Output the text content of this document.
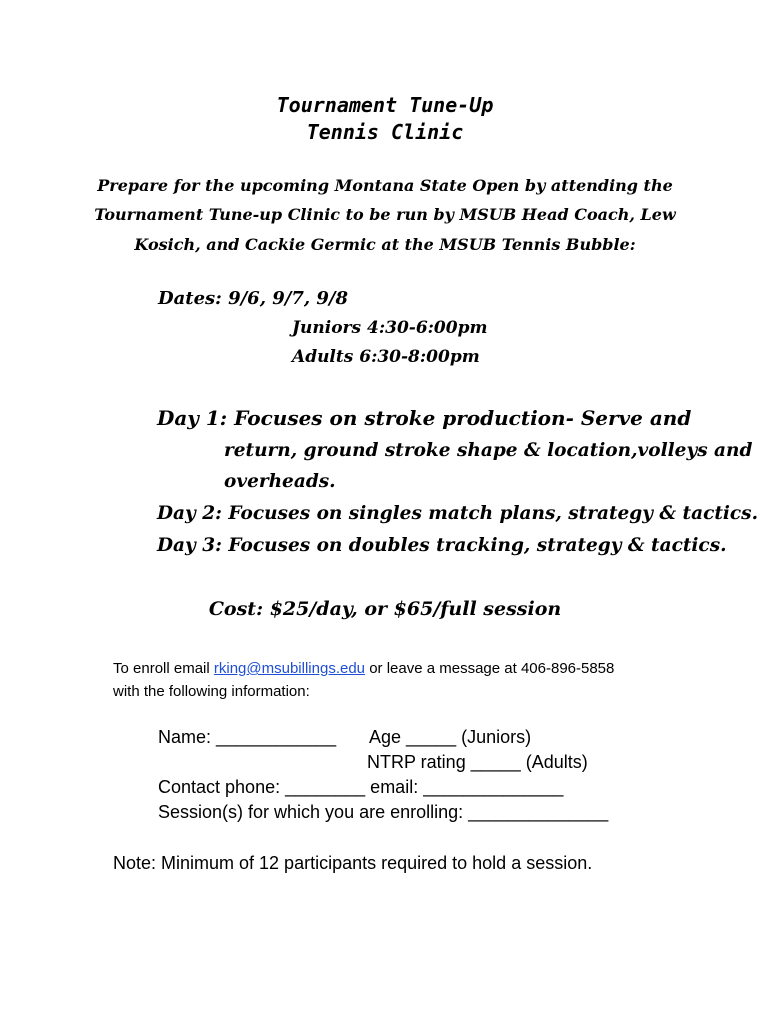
Tournament Tune-Up
Tennis Clinic
Prepare for the upcoming Montana State Open by attending the
Tournament Tune-up Clinic to be run by MSUB Head Coach, Lew
Kosich, and Cackie Germic at the MSUB Tennis Bubble:
Dates: 9/6, 9/7, 9/8
Juniors 4:30-6:00pm
Adults 6:30-8:00pm
Day 1: Focuses on stroke production- Serve and
return, ground stroke shape & location,volleys and
overheads.
Day 2: Focuses on singles match plans, strategy & tactics.
Day 3: Focuses on doubles tracking, strategy & tactics.
Cost: $25/day, or $65/full session
To enroll email rking@msubillings.edu or leave a message at 406-896-5858
with the following information:
Name: ____________ Age _____ (Juniors)
NTRP rating _____ (Adults)
Contact phone: ________ email: ______________
Session(s) for which you are enrolling: ______________
Note: Minimum of 12 participants required to hold a session.
